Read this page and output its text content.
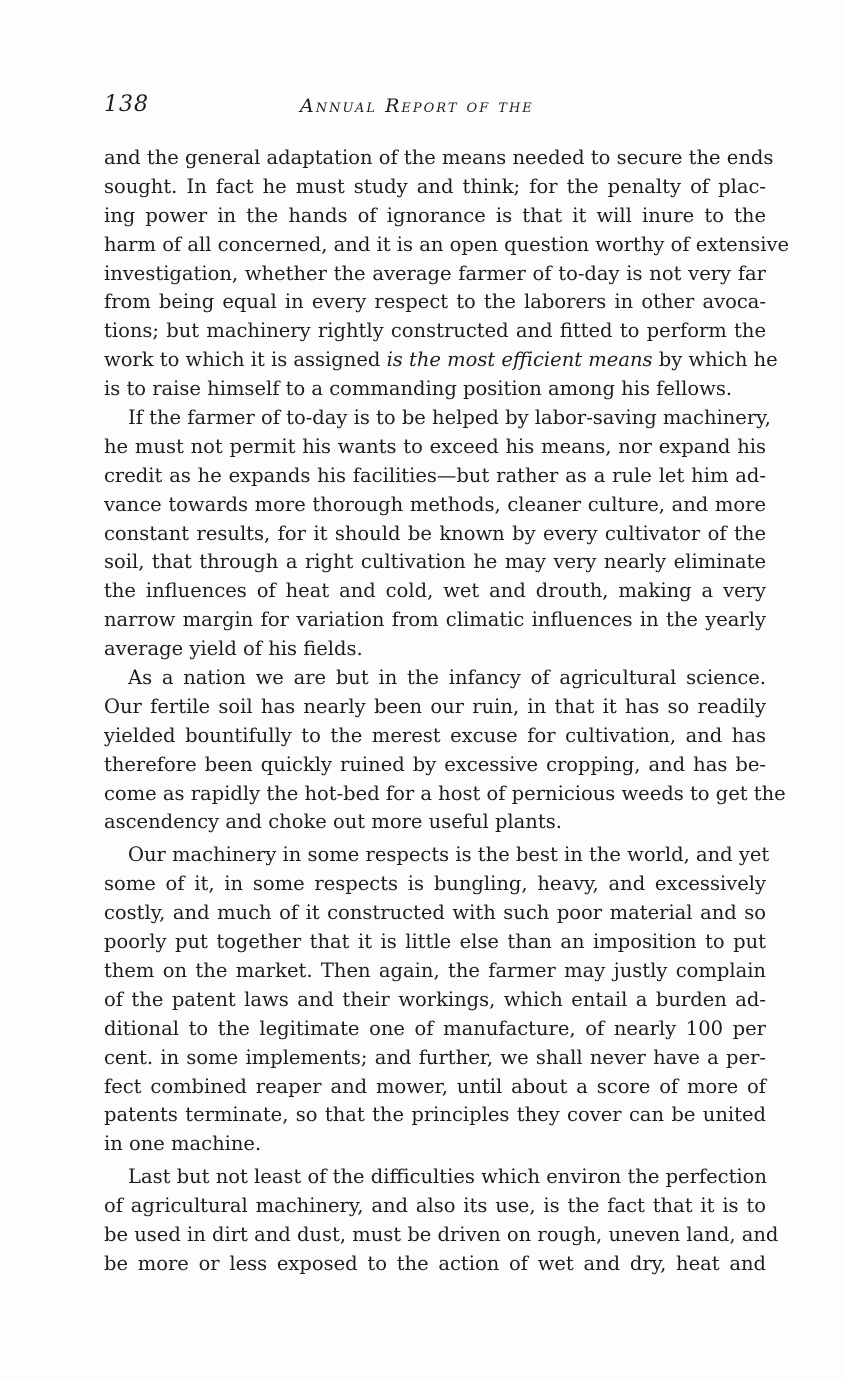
138	Annual Report of the
and the general adaptation of the means needed to secure the ends
sought. In fact he must study and think; for the penalty of plac-
ing power in the hands of ignorance is that it will inure to the
harm of all concerned, and it is an open question worthy of extensive
investigation, whether the average farmer of to-day is not very far
from being equal in every respect to the laborers in other avoca-
tions; but machinery rightly constructed and fitted to perform the
work to which it is assigned is the most efficient means by which he
is to raise himself to a commanding position among his fellows.
If the farmer of to-day is to be helped by labor-saving machinery,
he must not permit his wants to exceed his means, nor expand his
credit as he expands his facilities—but rather as a rule let him ad-
vance towards more thorough methods, cleaner culture, and more
constant results, for it should be known by every cultivator of the
soil, that through a right cultivation he may very nearly eliminate
the influences of heat and cold, wet and drouth, making a very
narrow margin for variation from climatic influences in the yearly
average yield of his fields.
As a nation we are but in the infancy of agricultural science.
Our fertile soil has nearly been our ruin, in that it has so readily
yielded bountifully to the merest excuse for cultivation, and has
therefore been quickly ruined by excessive cropping, and has be-
come as rapidly the hot-bed for a host of pernicious weeds to get the
ascendency and choke out more useful plants.
Our machinery in some respects is the best in the world, and yet
some of it, in some respects is bungling, heavy, and excessively
costly, and much of it constructed with such poor material and so
poorly put together that it is little else than an imposition to put
them on the market. Then again, the farmer may justly complain
of the patent laws and their workings, which entail a burden ad-
ditional to the legitimate one of manufacture, of nearly 100 per
cent. in some implements; and further, we shall never have a per-
fect combined reaper and mower, until about a score of more of
patents terminate, so that the principles they cover can be united
in one machine.
Last but not least of the difficulties which environ the perfection
of agricultural machinery, and also its use, is the fact that it is to
be used in dirt and dust, must be driven on rough, uneven land, and
be more or less exposed to the action of wet and dry, heat and
